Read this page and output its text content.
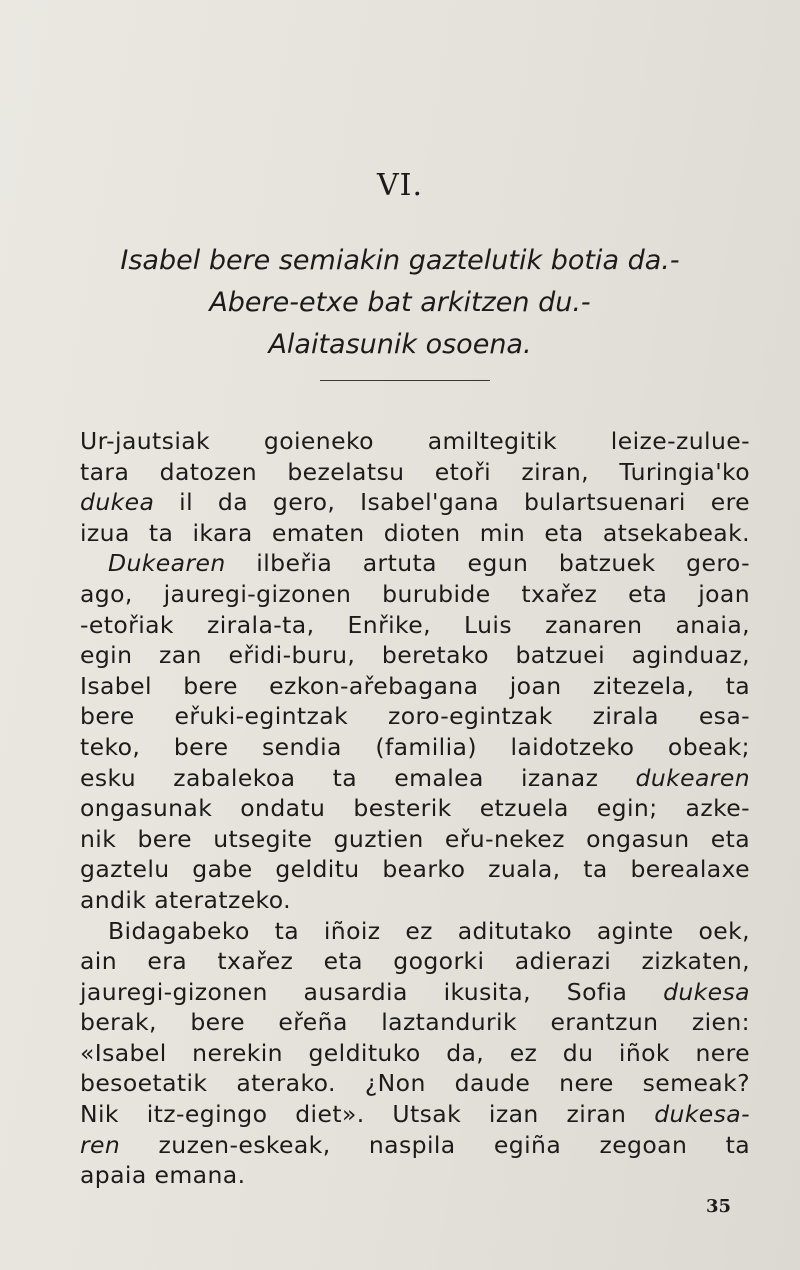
VI.
Isabel bere semiakin gaztelutik botia da.-
Abere-etxe bat arkitzen du.-
Alaitasunik osoena.
Ur-jautsiak goieneko amiltegitik leize-zulue-
tara datozen bezelatsu etoři ziran, Turingia'ko
dukea il da gero, Isabel'gana bulartsuenari ere
izua ta ikara ematen dioten min eta atsekabeak.
Dukearen ilbeřia artuta egun batzuek gero-
ago, jauregi-gizonen burubide txařez eta joan
-etořiak zirala-ta, Enřike, Luis zanaren anaia,
egin zan eřidi-buru, beretako batzuei aginduaz,
Isabel bere ezkon-ařebagana joan zitezela, ta
bere eřuki-egintzak zoro-egintzak zirala esa-
teko, bere sendia (familia) laidotzeko obeak;
esku zabalekoa ta emalea izanaz dukearen
ongasunak ondatu besterik etzuela egin; azke-
nik bere utsegite guztien eřu-nekez ongasun eta
gaztelu gabe gelditu bearko zuala, ta berealaxe
andik ateratzeko.
Bidagabeko ta iñoiz ez aditutako aginte oek,
ain era txařez eta gogorki adierazi zizkaten,
jauregi-gizonen ausardia ikusita, Sofia dukesa
berak, bere eřeña laztandurik erantzun zien:
«Isabel nerekin geldituko da, ez du iñok nere
besoetatik aterako. ¿Non daude nere semeak?
Nik itz-egingo diet». Utsak izan ziran dukesa-
ren zuzen-eskeak, naspila egiña zegoan ta
apaia emana.
35
